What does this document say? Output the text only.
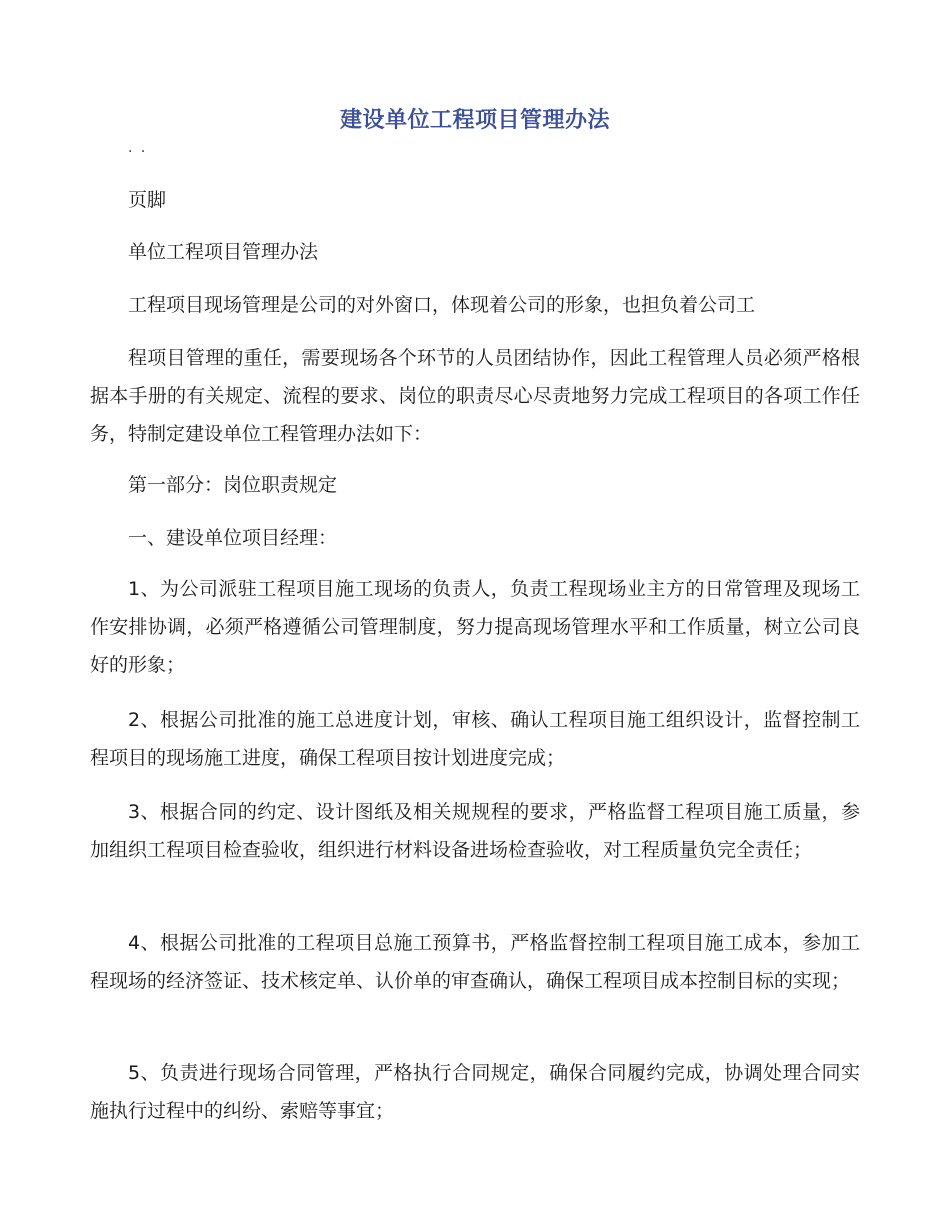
建设单位工程项目管理办法
. .

页脚

单位工程项目管理办法

工程项目现场管理是公司的对外窗口，体现着公司的形象，也担负着公司工

程项目管理的重任，需要现场各个环节的人员团结协作，因此工程管理人员必须严格根据本手册的有关规定、流程的要求、岗位的职责尽心尽责地努力完成工程项目的各项工作任务，特制定建设单位工程管理办法如下：

第一部分：岗位职责规定

一、建设单位项目经理：

1、为公司派驻工程项目施工现场的负责人，负责工程现场业主方的日常管理及现场工作安排协调，必须严格遵循公司管理制度，努力提高现场管理水平和工作质量，树立公司良好的形象；

2、根据公司批准的施工总进度计划，审核、确认工程项目施工组织设计，监督控制工程项目的现场施工进度，确保工程项目按计划进度完成；

3、根据合同的约定、设计图纸及相关规规程的要求，严格监督工程项目施工质量，参加组织工程项目检查验收，组织进行材料设备进场检查验收，对工程质量负完全责任；

4、根据公司批准的工程项目总施工预算书，严格监督控制工程项目施工成本，参加工程现场的经济签证、技术核定单、认价单的审查确认，确保工程项目成本控制目标的实现；

5、负责进行现场合同管理，严格执行合同规定，确保合同履约完成，协调处理合同实施执行过程中的纠纷、索赔等事宜；
